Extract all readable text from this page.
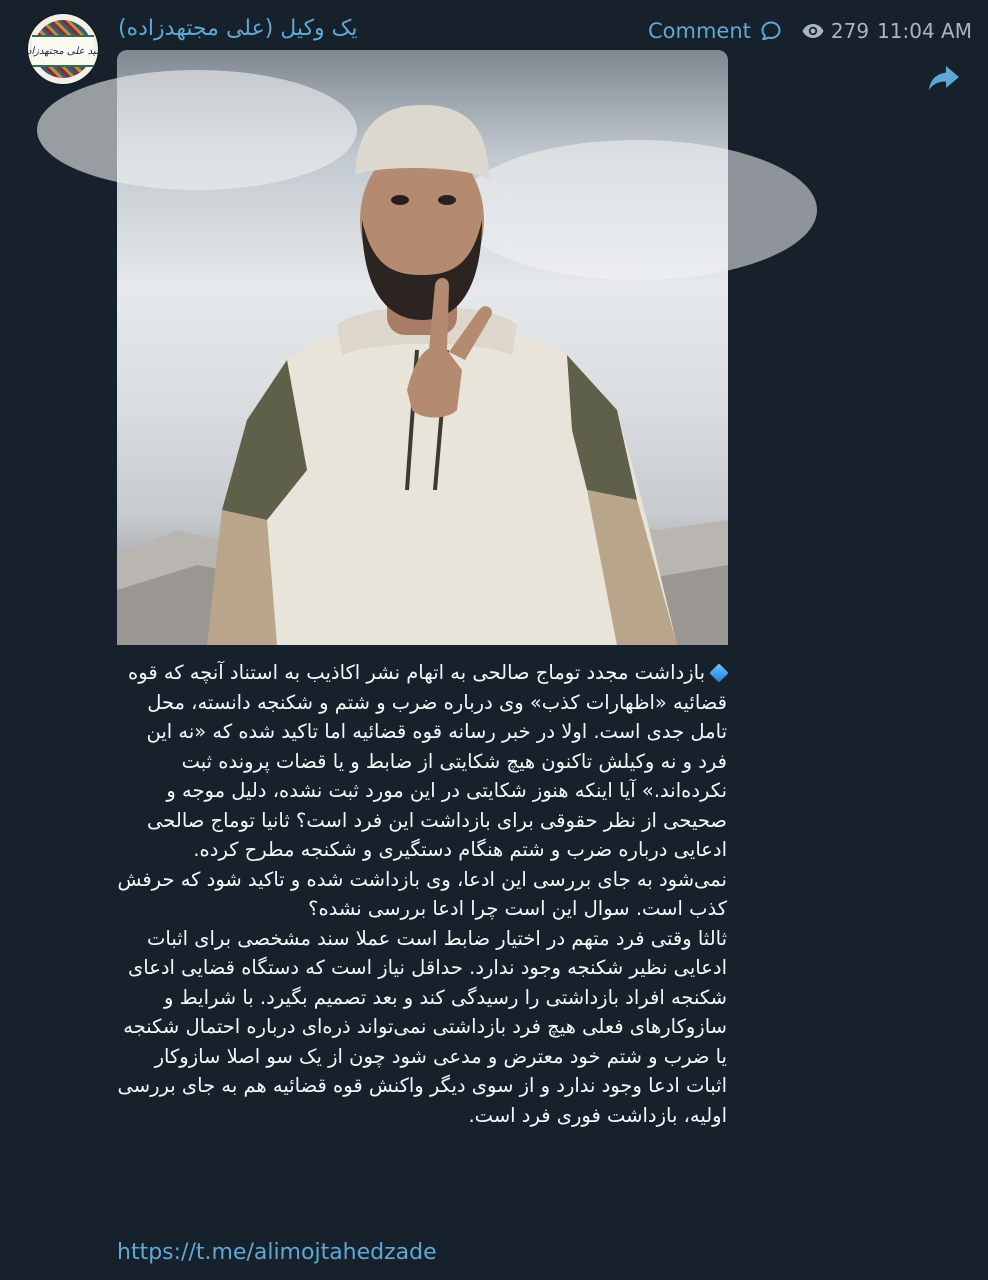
سید علی مجتهدزاده
یک وکیل (علی مجتهدزاده)	Comment	279 11:04 AM
بازداشت مجدد توماج صالحی به اتهام نشر اکاذیب به استناد آنچه که قوه قضائیه «اظهارات کذب» وی درباره ضرب و شتم و شکنجه دانسته، محل تامل جدی است. اولا در خبر رسانه قوه قضائیه اما تاکید شده که «نه این فرد و نه وکیلش تاکنون هیچ شکایتی از ضابط و یا قضات پرونده ثبت نکرده‌اند.» آیا اینکه هنوز شکایتی در این مورد ثبت نشده، دلیل موجه و صحیحی از نظر حقوقی برای بازداشت این فرد است؟ ثانیا توماج صالحی ادعایی درباره ضرب و شتم هنگام دستگیری و شکنجه مطرح کرده.
نمی‌شود به جای بررسی این ادعا، وی بازداشت شده و تاکید شود که حرفش کذب است. سوال این است چرا ادعا بررسی نشده؟
ثالثا وقتی فرد متهم در اختیار ضابط است عملا سند مشخصی برای اثبات ادعایی نظیر شکنجه وجود ندارد. حداقل نیاز است که دستگاه قضایی ادعای شکنجه افراد بازداشتی را رسیدگی کند و بعد تصمیم بگیرد. با شرایط و سازوکارهای فعلی هیچ فرد بازداشتی نمی‌تواند ذره‌ای درباره احتمال شکنجه یا ضرب و شتم خود معترض و مدعی شود چون از یک سو اصلا سازوکار اثبات ادعا وجود ندارد و از سوی دیگر واکنش قوه قضائیه هم به جای بررسی اولیه، بازداشت فوری فرد است.
https://t.me/alimojtahedzade
